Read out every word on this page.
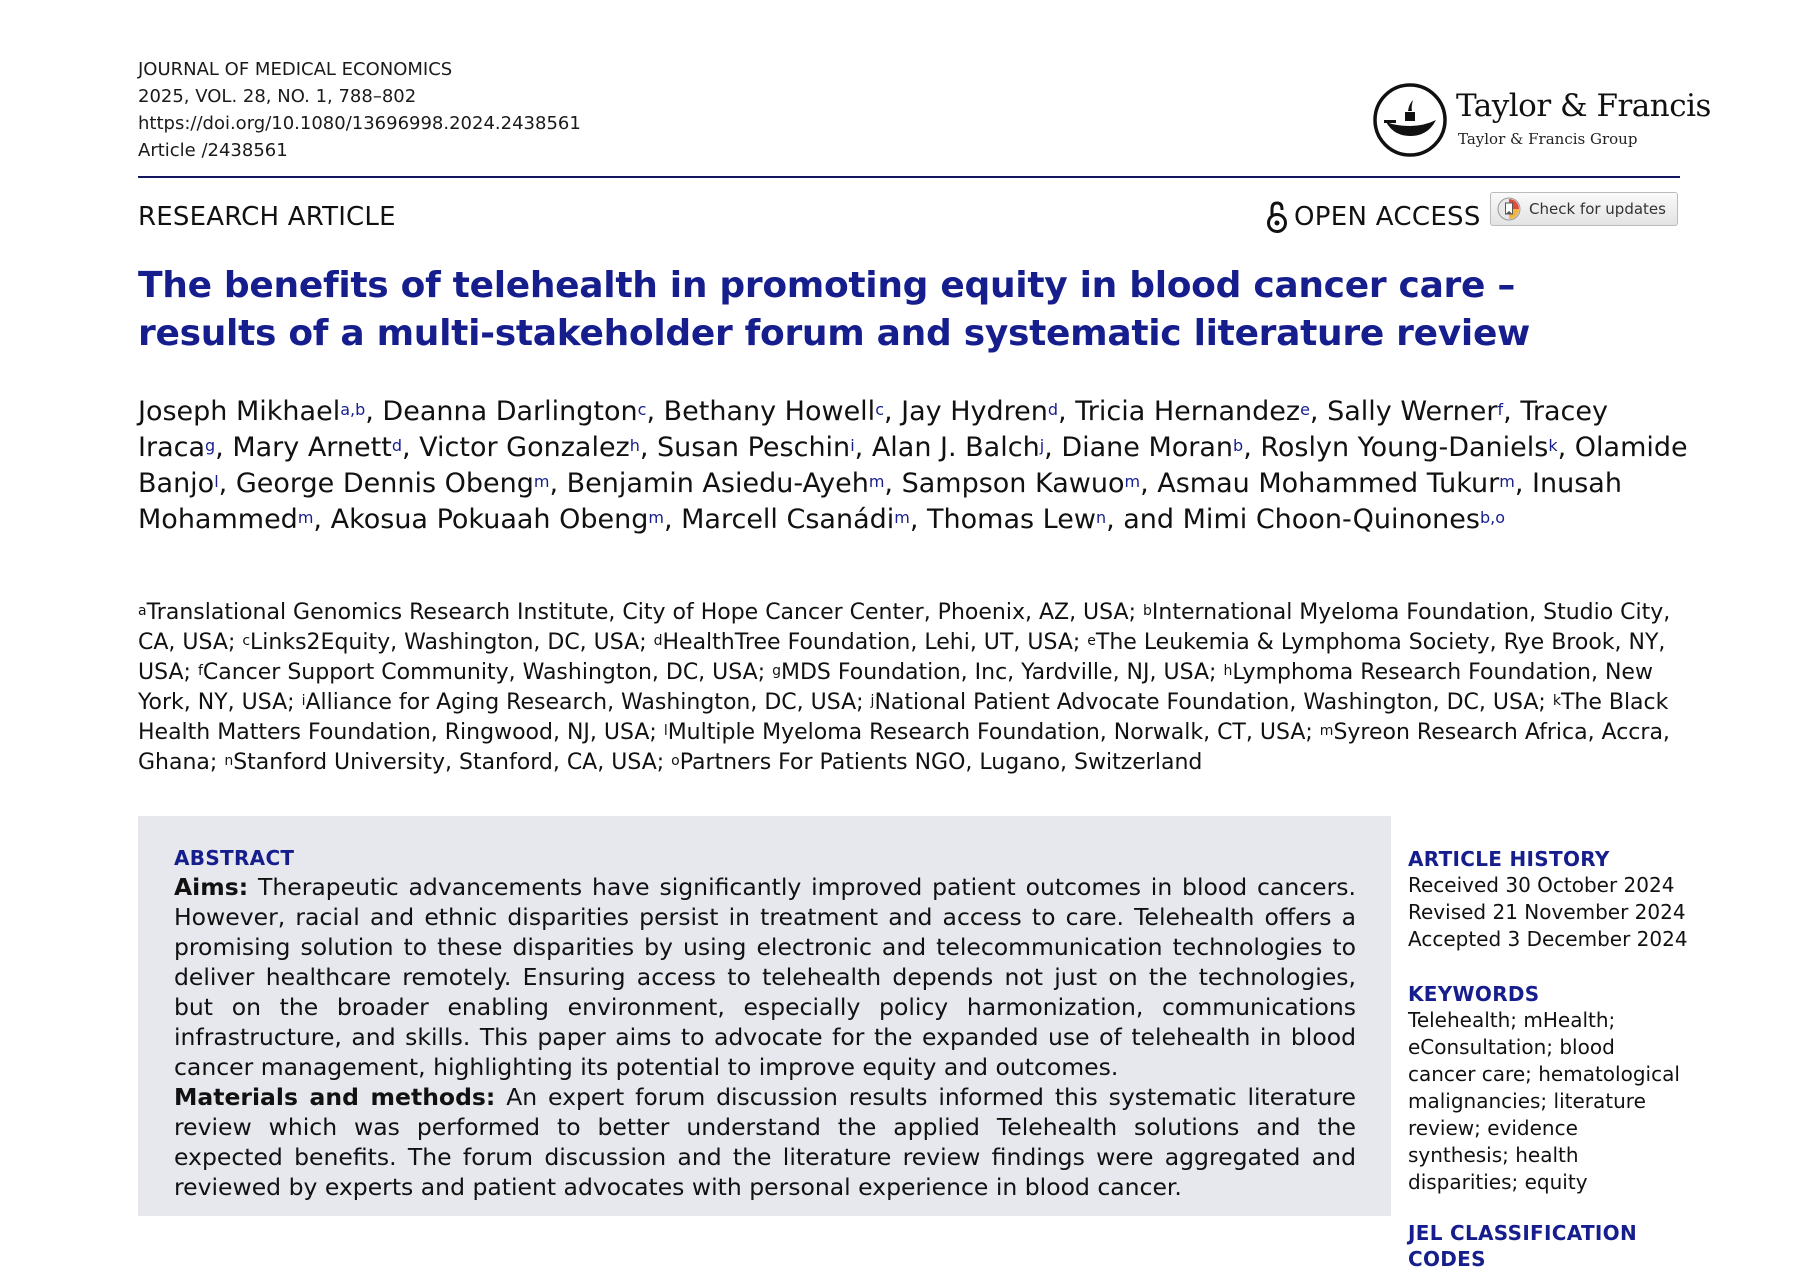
JOURNAL OF MEDICAL ECONOMICS
2025, VOL. 28, NO. 1, 788–802
https://doi.org/10.1080/13696998.2024.2438561
Article /2438561
Taylor & Francis
Taylor & Francis Group
RESEARCH ARTICLE	OPEN ACCESS	Check for updates
The benefits of telehealth in promoting equity in blood cancer care – results of a multi-stakeholder forum and systematic literature review
Joseph Mikhael$^{a,b}$, Deanna Darlington$^c$, Bethany Howell$^c$, Jay Hydren$^d$, Tricia Hernandez$^e$, Sally Werner$^f$, Tracey Iraca$^g$, Mary Arnett$^d$, Victor Gonzalez$^h$, Susan Peschin$^i$, Alan J. Balch$^j$, Diane Moran$^b$, Roslyn Young-Daniels$^k$, Olamide Banjo$^l$, George Dennis Obeng$^m$, Benjamin Asiedu-Ayeh$^m$, Sampson Kawuo$^m$, Asmau Mohammed Tukur$^m$, Inusah Mohammed$^m$, Akosua Pokuaah Obeng$^m$, Marcell Csanádi$^m$, Thomas Lew$^n$, and Mimi Choon-Quinones$^{b,o}$
$^a$Translational Genomics Research Institute, City of Hope Cancer Center, Phoenix, AZ, USA; $^b$International Myeloma Foundation, Studio City, CA, USA; $^c$Links2Equity, Washington, DC, USA; $^d$HealthTree Foundation, Lehi, UT, USA; $^e$The Leukemia & Lymphoma Society, Rye Brook, NY, USA; $^f$Cancer Support Community, Washington, DC, USA; $^g$MDS Foundation, Inc, Yardville, NJ, USA; $^h$Lymphoma Research Foundation, New York, NY, USA; $^i$Alliance for Aging Research, Washington, DC, USA; $^j$National Patient Advocate Foundation, Washington, DC, USA; $^k$The Black Health Matters Foundation, Ringwood, NJ, USA; $^l$Multiple Myeloma Research Foundation, Norwalk, CT, USA; $^m$Syreon Research Africa, Accra, Ghana; $^n$Stanford University, Stanford, CA, USA; $^o$Partners For Patients NGO, Lugano, Switzerland
ABSTRACT

Aims: Therapeutic advancements have significantly improved patient outcomes in blood cancers. However, racial and ethnic disparities persist in treatment and access to care. Telehealth offers a promising solution to these disparities by using electronic and telecommunication technologies to deliver healthcare remotely. Ensuring access to telehealth depends not just on the technologies, but on the broader enabling environment, especially policy harmonization, communications infrastructure, and skills. This paper aims to advocate for the expanded use of telehealth in blood cancer management, highlighting its potential to improve equity and outcomes.

Materials and methods: An expert forum discussion results informed this systematic literature review which was performed to better understand the applied Telehealth solutions and the expected benefits. The forum discussion and the literature review findings were aggregated and reviewed by experts and patient advocates with personal experience in blood cancer.

ARTICLE HISTORY
Received 30 October 2024
Revised 21 November 2024
Accepted 3 December 2024
KEYWORDS
Telehealth; mHealth; eConsultation; blood cancer care; hematological malignancies; literature review; evidence synthesis; health disparities; equity
JEL CLASSIFICATION CODES
